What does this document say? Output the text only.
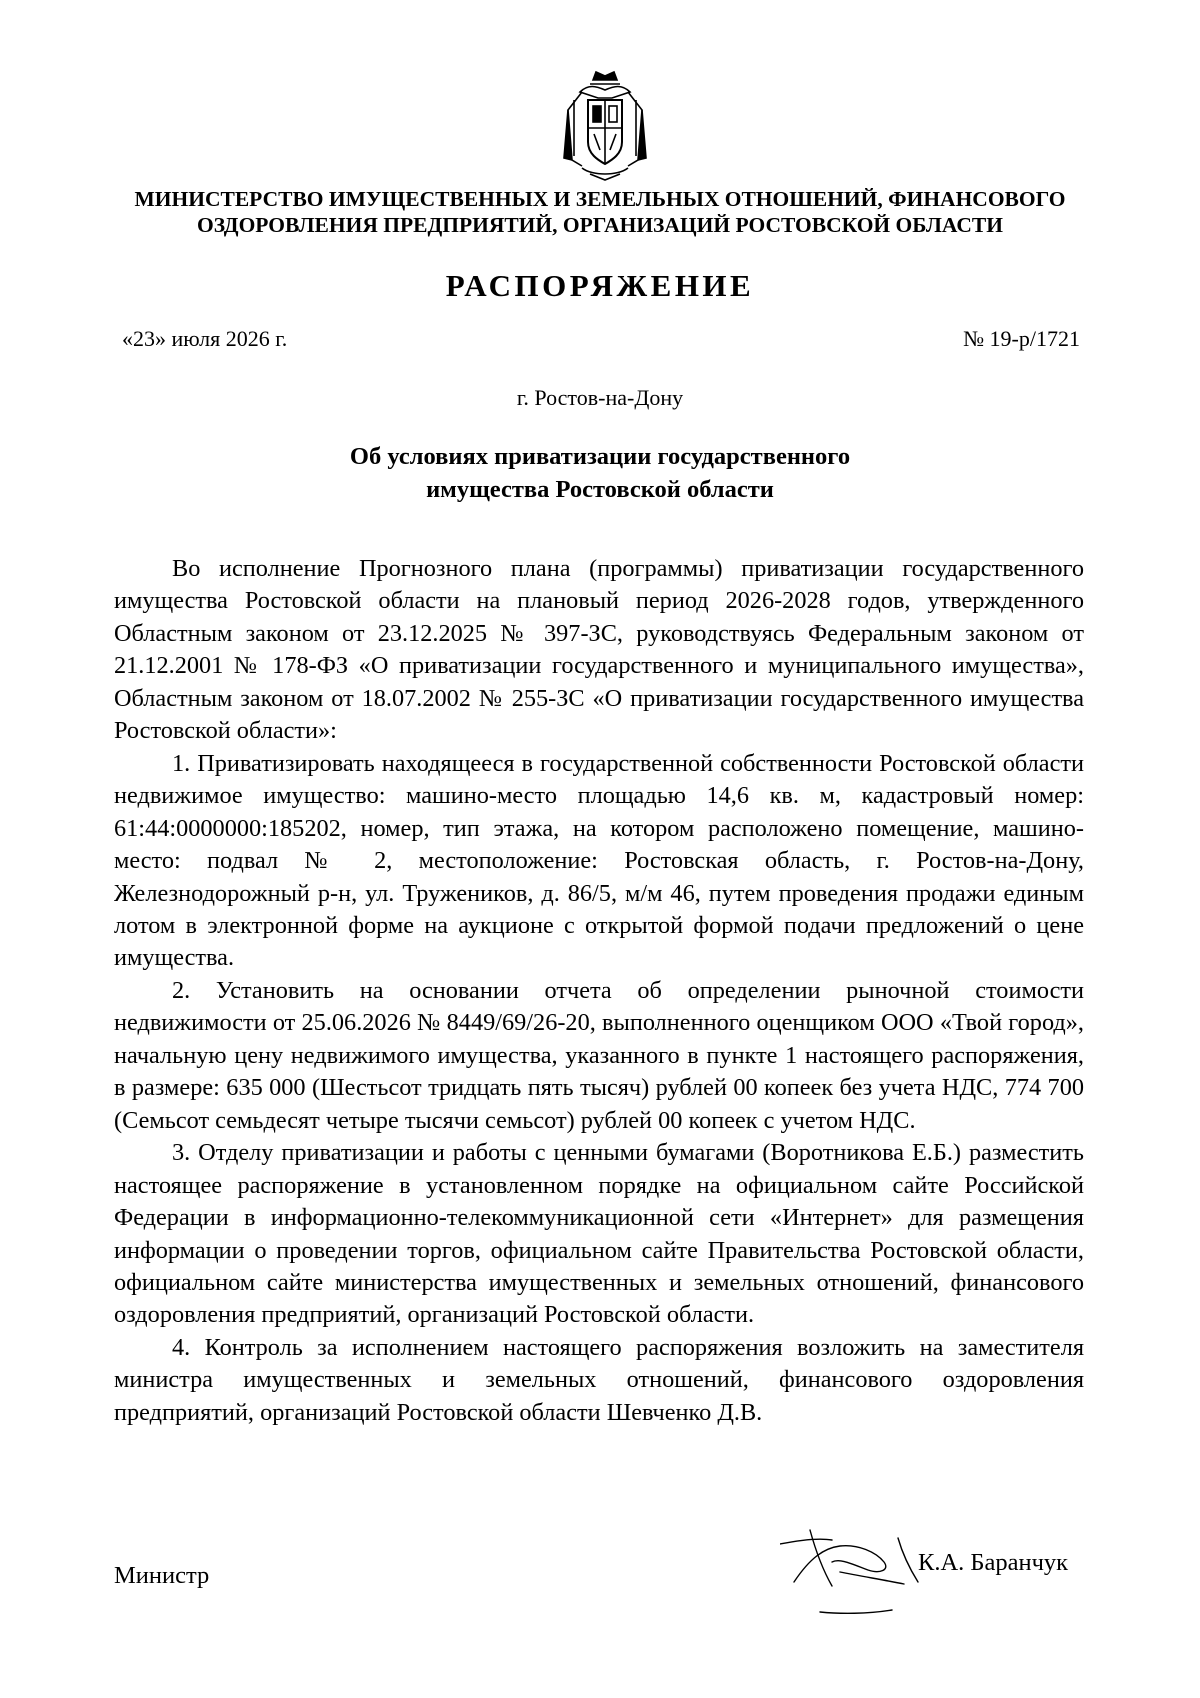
МИНИСТЕРСТВО ИМУЩЕСТВЕННЫХ И ЗЕМЕЛЬНЫХ ОТНОШЕНИЙ, ФИНАНСОВОГО
ОЗДОРОВЛЕНИЯ ПРЕДПРИЯТИЙ, ОРГАНИЗАЦИЙ РОСТОВСКОЙ ОБЛАСТИ
РАСПОРЯЖЕНИЕ
«23» июля 2026 г.	№ 19-р/1721
г. Ростов-на-Дону
Об условиях приватизации государственного
имущества Ростовской области

Во исполнение Прогнозного плана (программы) приватизации государственного имущества Ростовской области на плановый период 2026-2028 годов, утвержденного Областным законом от 23.12.2025 № 397-ЗС, руководствуясь Федеральным законом от 21.12.2001 № 178-ФЗ «О приватизации государственного и муниципального имущества», Областным законом от 18.07.2002 № 255-ЗС «О приватизации государственного имущества Ростовской области»:

1. Приватизировать находящееся в государственной собственности Ростовской области недвижимое имущество: машино-место площадью 14,6 кв. м, кадастровый номер: 61:44:0000000:185202, номер, тип этажа, на котором расположено помещение, машино-место: подвал № 2, местоположение: Ростовская область, г. Ростов-на-Дону, Железнодорожный р-н, ул. Тружеников, д. 86/5, м/м 46, путем проведения продажи единым лотом в электронной форме на аукционе с открытой формой подачи предложений о цене имущества.

2. Установить на основании отчета об определении рыночной стоимости недвижимости от 25.06.2026 № 8449/69/26-20, выполненного оценщиком ООО «Твой город», начальную цену недвижимого имущества, указанного в пункте 1 настоящего распоряжения, в размере: 635 000 (Шестьсот тридцать пять тысяч) рублей 00 копеек без учета НДС, 774 700 (Семьсот семьдесят четыре тысячи семьсот) рублей 00 копеек с учетом НДС.

3. Отделу приватизации и работы с ценными бумагами (Воротникова Е.Б.) разместить настоящее распоряжение в установленном порядке на официальном сайте Российской Федерации в информационно-телекоммуникационной сети «Интернет» для размещения информации о проведении торгов, официальном сайте Правительства Ростовской области, официальном сайте министерства имущественных и земельных отношений, финансового оздоровления предприятий, организаций Ростовской области.

4. Контроль за исполнением настоящего распоряжения возложить на заместителя министра имущественных и земельных отношений, финансового оздоровления предприятий, организаций Ростовской области Шевченко Д.В.

Министр	К.А. Баранчук
